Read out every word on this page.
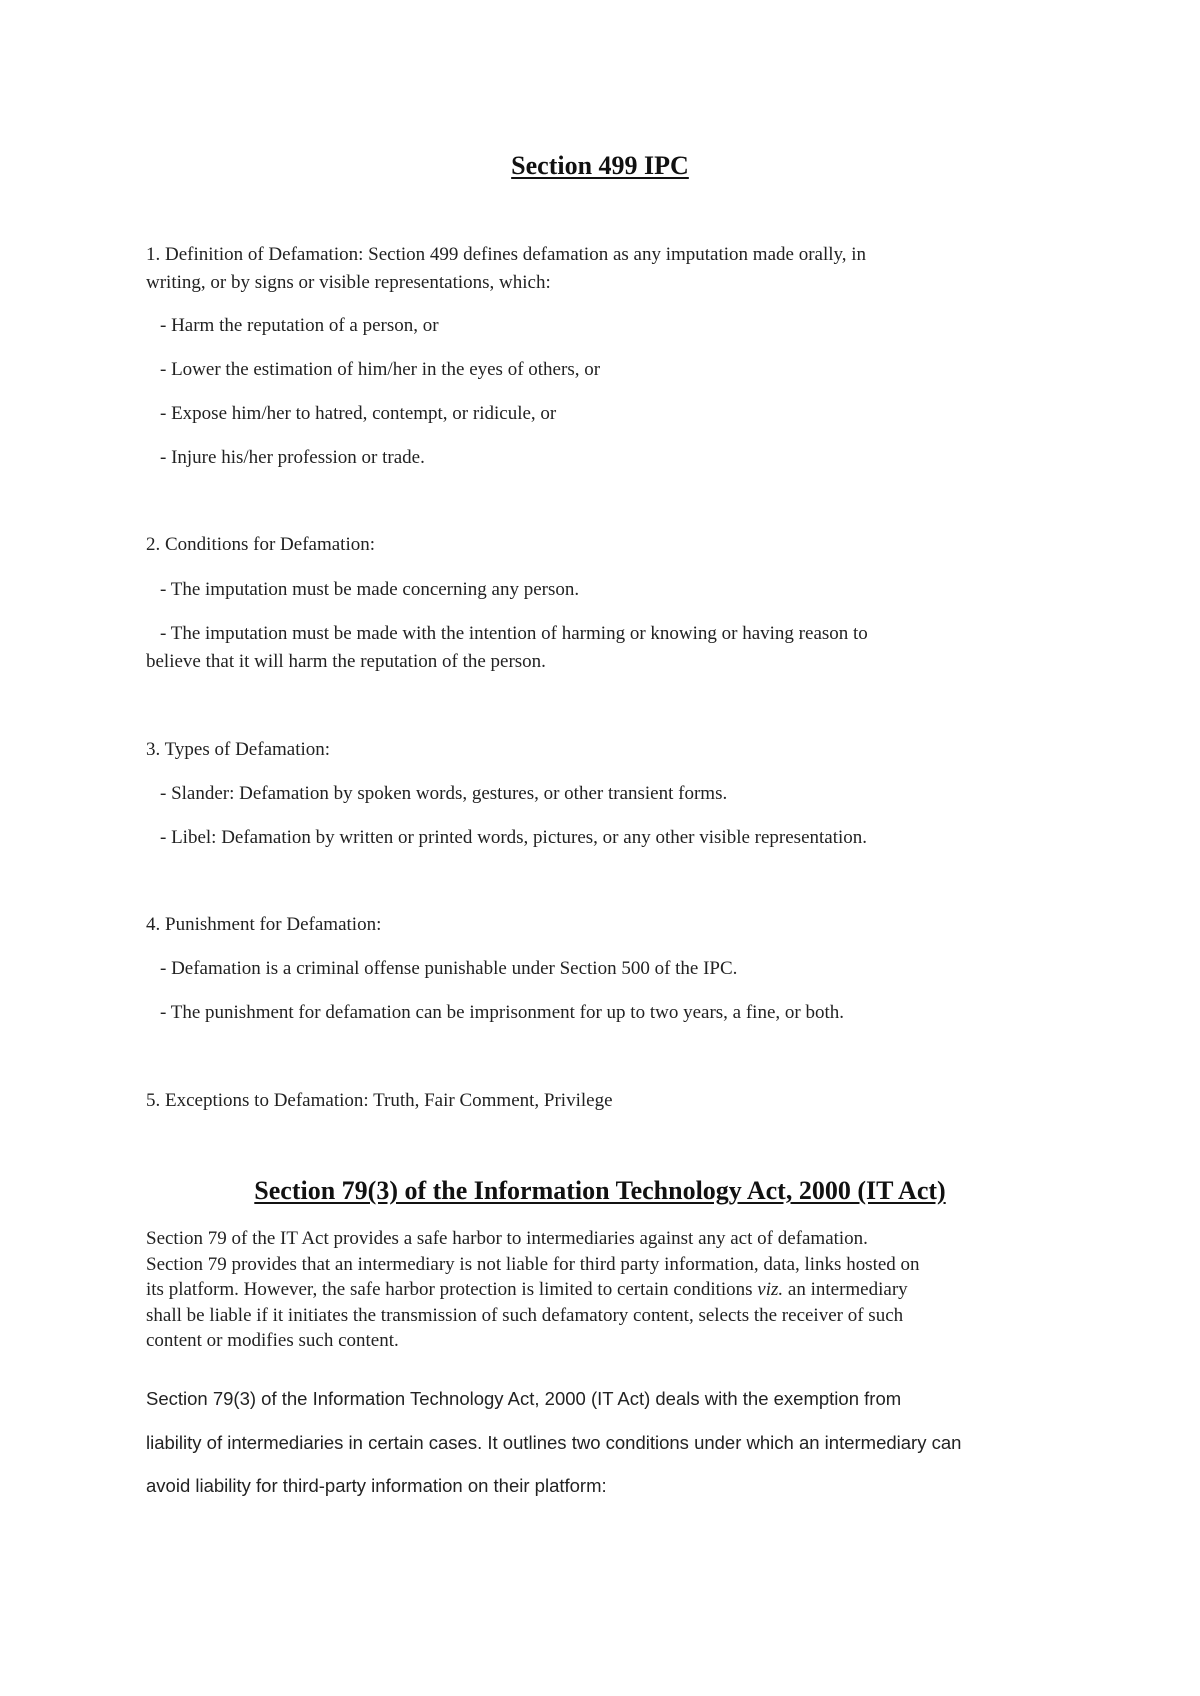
Section 499 IPC
1. Definition of Defamation: Section 499 defines defamation as any imputation made orally, in
writing, or by signs or visible representations, which:
- Harm the reputation of a person, or
- Lower the estimation of him/her in the eyes of others, or
- Expose him/her to hatred, contempt, or ridicule, or
- Injure his/her profession or trade.
2. Conditions for Defamation:
- The imputation must be made concerning any person.
- The imputation must be made with the intention of harming or knowing or having reason to
believe that it will harm the reputation of the person.
3. Types of Defamation:
- Slander: Defamation by spoken words, gestures, or other transient forms.
- Libel: Defamation by written or printed words, pictures, or any other visible representation.
4. Punishment for Defamation:
- Defamation is a criminal offense punishable under Section 500 of the IPC.
- The punishment for defamation can be imprisonment for up to two years, a fine, or both.
5. Exceptions to Defamation: Truth, Fair Comment, Privilege
Section 79(3) of the Information Technology Act, 2000 (IT Act)
Section 79 of the IT Act provides a safe harbor to intermediaries against any act of defamation.
Section 79 provides that an intermediary is not liable for third party information, data, links hosted on
its platform. However, the safe harbor protection is limited to certain conditions viz. an intermediary
shall be liable if it initiates the transmission of such defamatory content, selects the receiver of such
content or modifies such content.
Section 79(3) of the Information Technology Act, 2000 (IT Act) deals with the exemption from
liability of intermediaries in certain cases. It outlines two conditions under which an intermediary can
avoid liability for third-party information on their platform:
